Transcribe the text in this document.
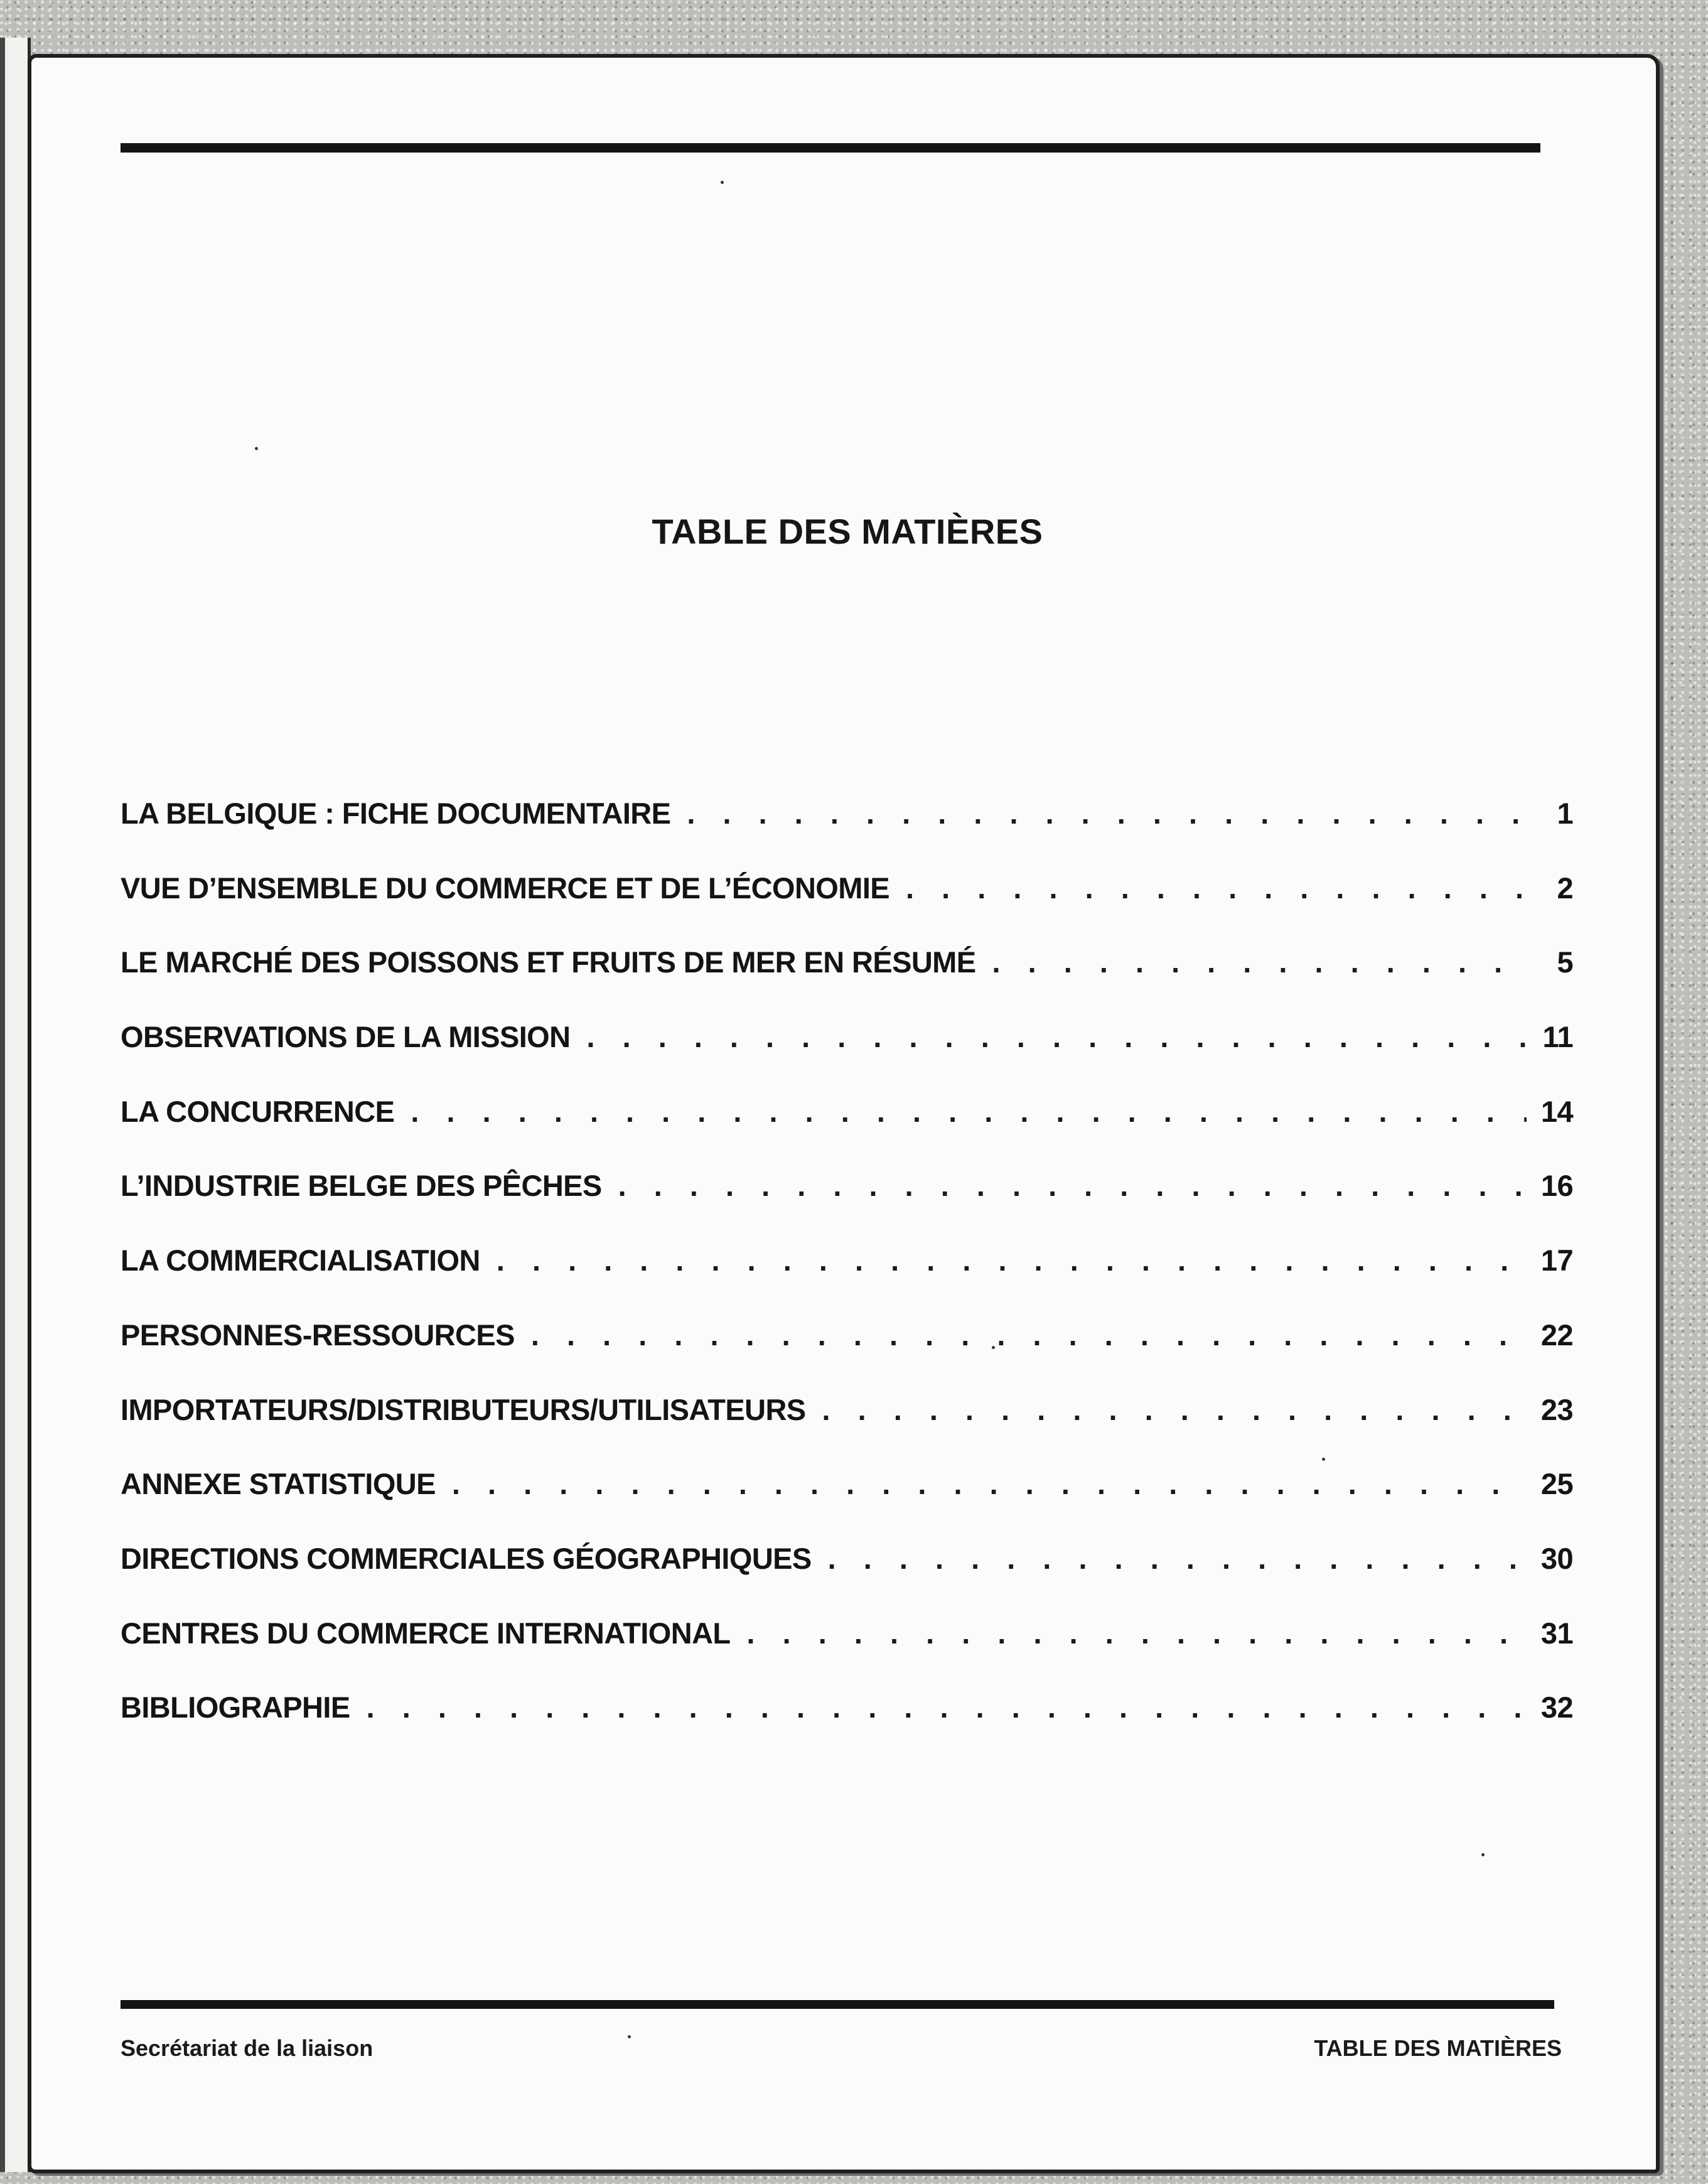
TABLE DES MATIÈRES
LA BELGIQUE : FICHE DOCUMENTAIRE . . .	1
VUE D’ENSEMBLE DU COMMERCE ET DE L’ÉCONOMIE . . .	2
LE MARCHÉ DES POISSONS ET FRUITS DE MER EN RÉSUMÉ . . .	5
OBSERVATIONS DE LA MISSION . . .	11
LA CONCURRENCE . . .	14
L’INDUSTRIE BELGE DES PÊCHES . . .	16
LA COMMERCIALISATION . . .	17
PERSONNES-RESSOURCES . . .	22
IMPORTATEURS/DISTRIBUTEURS/UTILISATEURS . . .	23
ANNEXE STATISTIQUE . . .	25
DIRECTIONS COMMERCIALES GÉOGRAPHIQUES . . .	30
CENTRES DU COMMERCE INTERNATIONAL . . .	31
BIBLIOGRAPHIE . . .	32
Secrétariat de la liaison	TABLE DES MATIÈRES
